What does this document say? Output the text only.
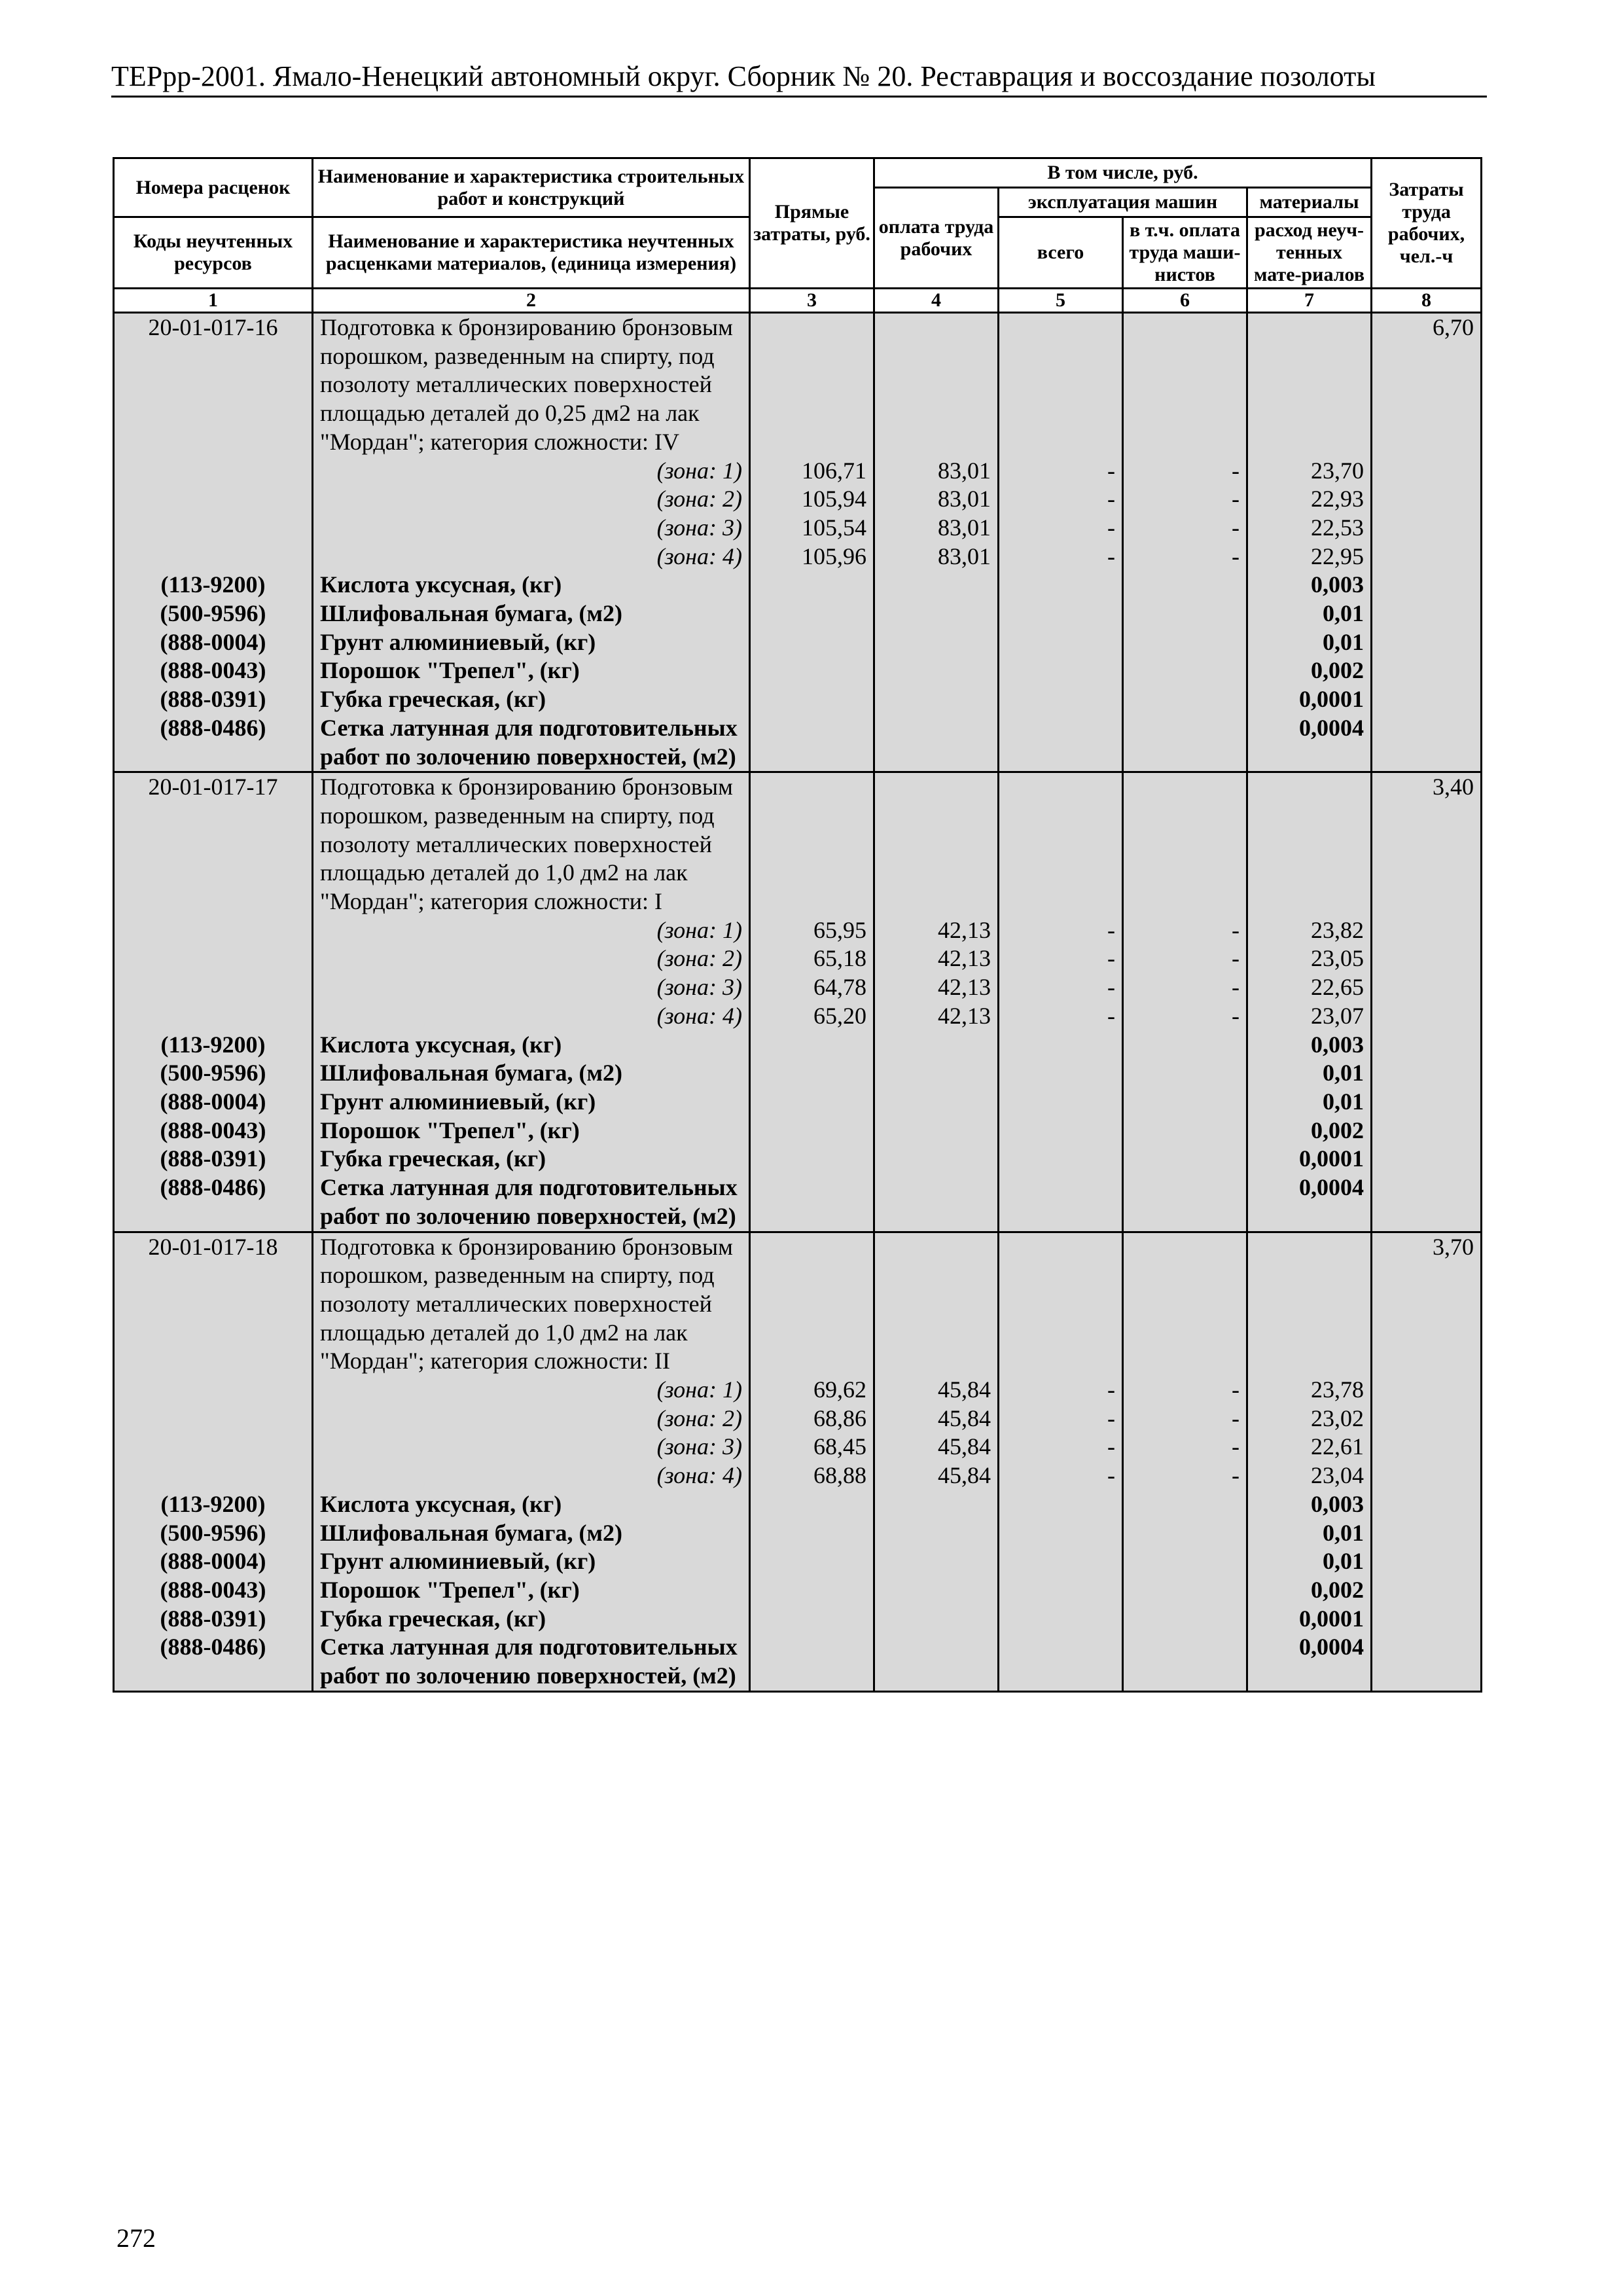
ТЕРрр-2001. Ямало-Ненецкий автономный округ. Сборник № 20. Реставрация и воссоздание позолоты
Номера расценок	Наименование и характеристика строительных работ и конструкций	Прямые затраты, руб.	В том числе, руб.				Затраты труда рабочих, чел.-ч
			оплата труда рабочих	эксплуатация машин		материалы	
Коды неучтенных ресурсов	Наименование и характеристика неучтенных расценками материалов, (единица измерения)			всего	в т.ч. оплата труда маши-нистов	расход неуч-тенных мате-риалов	

1	2	3	4	5	6	7	8
20-01-017-16	Подготовка к бронзированию бронзовым порошком, разведенным на спирту, под позолоту металлических поверхностей площадью деталей до 0,25 дм2 на лак "Мордан"; категория сложности: IV						6,70
	(зона: 1)	106,71	83,01	-	-	23,70	
	(зона: 2)	105,94	83,01	-	-	22,93	
	(зона: 3)	105,54	83,01	-	-	22,53	
	(зона: 4)	105,96	83,01	-	-	22,95	
(113-9200)	Кислота уксусная, (кг)					0,003	
(500-9596)	Шлифовальная бумага, (м2)					0,01	
(888-0004)	Грунт алюминиевый, (кг)					0,01	
(888-0043)	Порошок "Трепел", (кг)					0,002	
(888-0391)	Губка греческая, (кг)					0,0001	
(888-0486)	Сетка латунная для подготовительных работ по золочению поверхностей, (м2)					0,0004	
20-01-017-17	Подготовка к бронзированию бронзовым порошком, разведенным на спирту, под позолоту металлических поверхностей площадью деталей до 1,0 дм2 на лак "Мордан"; категория сложности: I						3,40
	(зона: 1)	65,95	42,13	-	-	23,82	
	(зона: 2)	65,18	42,13	-	-	23,05	
	(зона: 3)	64,78	42,13	-	-	22,65	
	(зона: 4)	65,20	42,13	-	-	23,07	
(113-9200)	Кислота уксусная, (кг)					0,003	
(500-9596)	Шлифовальная бумага, (м2)					0,01	
(888-0004)	Грунт алюминиевый, (кг)					0,01	
(888-0043)	Порошок "Трепел", (кг)					0,002	
(888-0391)	Губка греческая, (кг)					0,0001	
(888-0486)	Сетка латунная для подготовительных работ по золочению поверхностей, (м2)					0,0004	
20-01-017-18	Подготовка к бронзированию бронзовым порошком, разведенным на спирту, под позолоту металлических поверхностей площадью деталей до 1,0 дм2 на лак "Мордан"; категория сложности: II						3,70
	(зона: 1)	69,62	45,84	-	-	23,78	
	(зона: 2)	68,86	45,84	-	-	23,02	
	(зона: 3)	68,45	45,84	-	-	22,61	
	(зона: 4)	68,88	45,84	-	-	23,04	
(113-9200)	Кислота уксусная, (кг)					0,003	
(500-9596)	Шлифовальная бумага, (м2)					0,01	
(888-0004)	Грунт алюминиевый, (кг)					0,01	
(888-0043)	Порошок "Трепел", (кг)					0,002	
(888-0391)	Губка греческая, (кг)					0,0001	
(888-0486)	Сетка латунная для подготовительных работ по золочению поверхностей, (м2)					0,0004	
272
